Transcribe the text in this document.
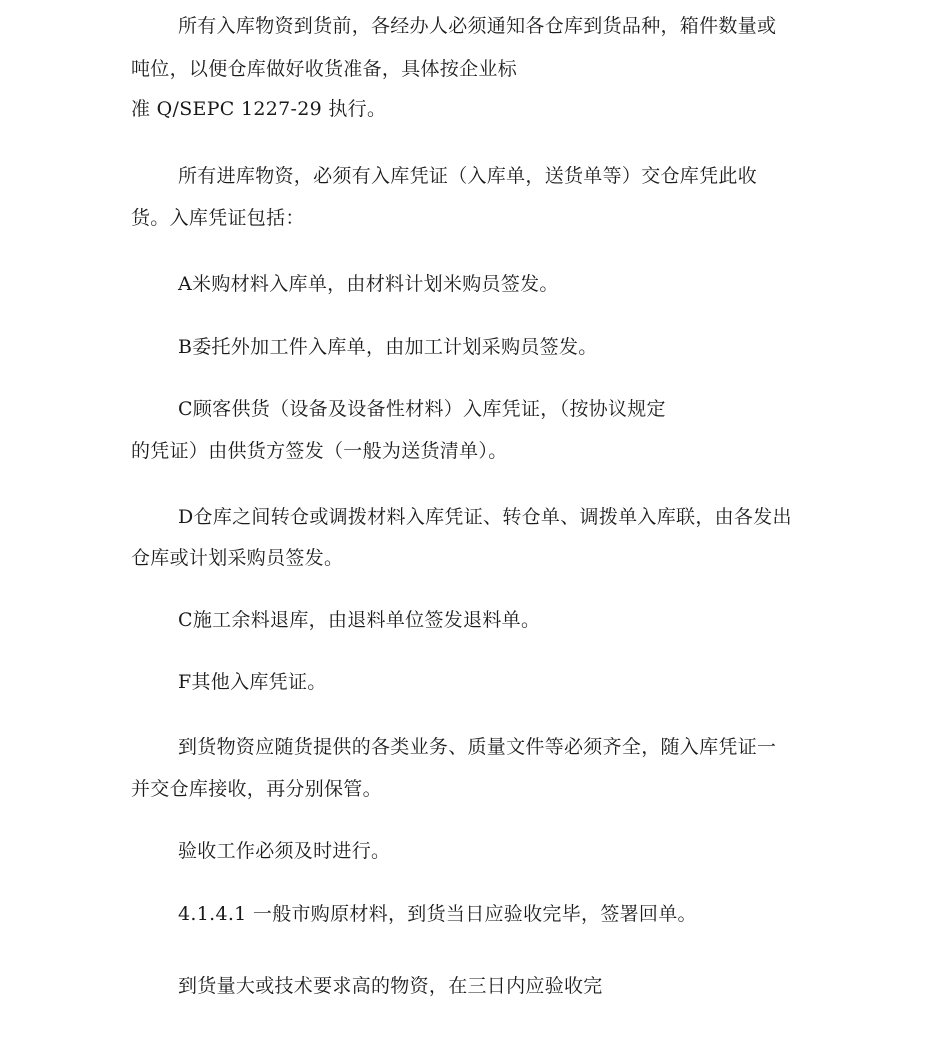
所有入库物资到货前，各经办人必须通知各仓库到货品种，箱件数量或
吨位，以便仓库做好收货准备，具体按企业标
准 Q/SEPC 1227-29 执行。
所有进库物资，必须有入库凭证（入库单，送货单等）交仓库凭此收
货。入库凭证包括：
A米购材料入库单，由材料计划米购员签发。
B委托外加工件入库单，由加工计划采购员签发。
C顾客供货（设备及设备性材料）入库凭证，（按协议规定
的凭证）由供货方签发（一般为送货清单）。
D仓库之间转仓或调拨材料入库凭证、转仓单、调拨单入库联，由各发出
仓库或计划采购员签发。
C施工余料退库，由退料单位签发退料单。
F其他入库凭证。
到货物资应随货提供的各类业务、质量文件等必须齐全，随入库凭证一
并交仓库接收，再分别保管。
验收工作必须及时进行。
4.1.4.1 一般市购原材料，到货当日应验收完毕，签署回单。
到货量大或技术要求高的物资，在三日内应验收完
